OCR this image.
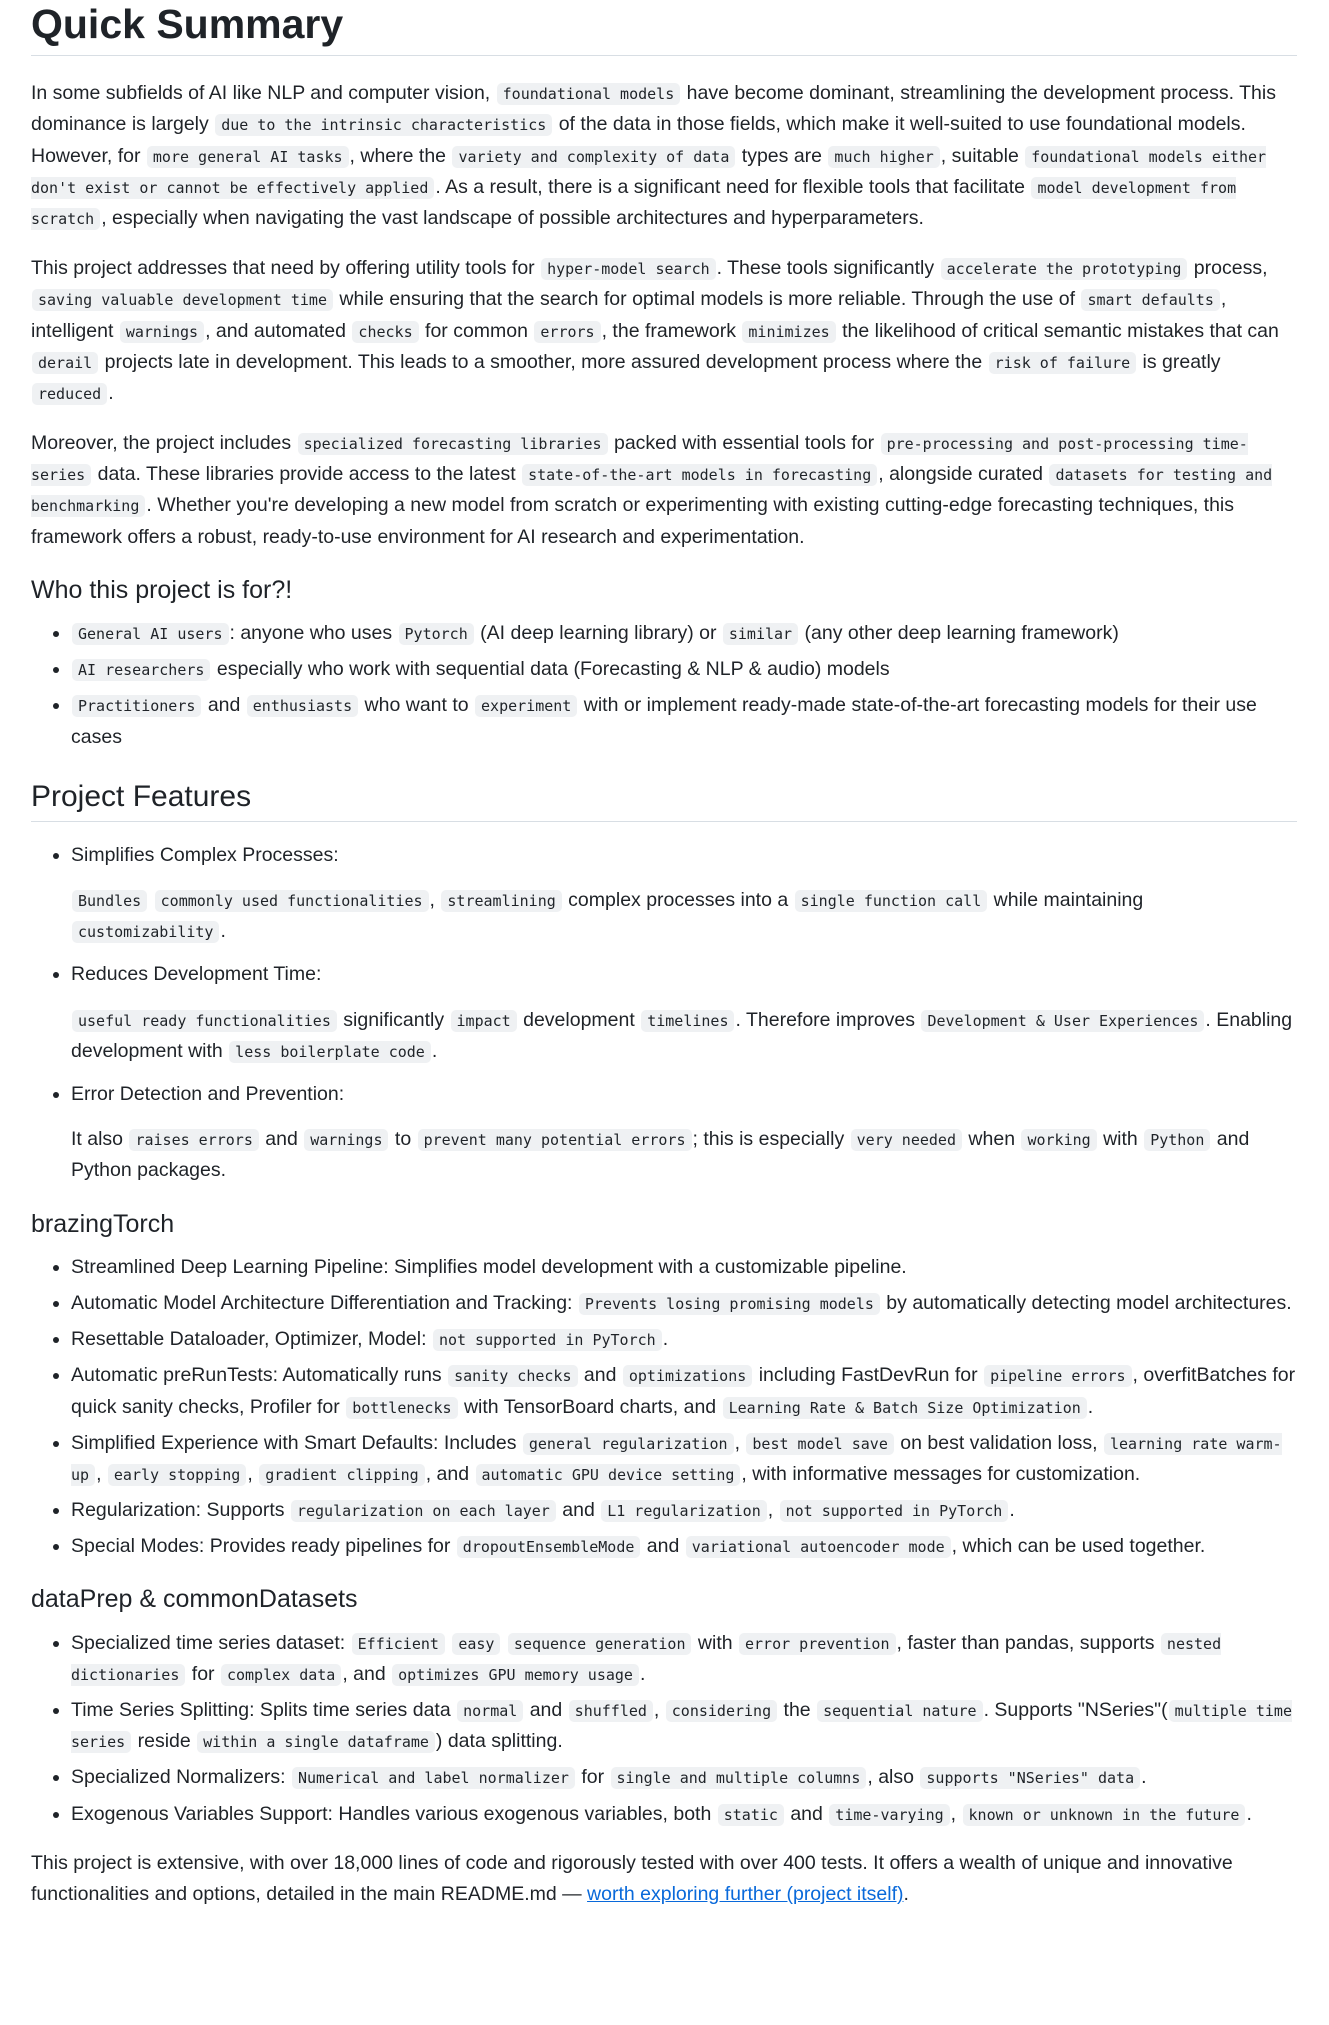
Quick Summary

In some subfields of AI like NLP and computer vision, foundational models have become dominant, streamlining the development process. This dominance is largely due to the intrinsic characteristics of the data in those fields, which make it well-suited to use foundational models. However, for more general AI tasks , where the variety and complexity of data types are much higher , suitable foundational models either don't exist or cannot be effectively applied . As a result, there is a significant need for flexible tools that facilitate model development from scratch , especially when navigating the vast landscape of possible architectures and hyperparameters.

This project addresses that need by offering utility tools for hyper-model search . These tools significantly accelerate the prototyping process, saving valuable development time while ensuring that the search for optimal models is more reliable. Through the use of smart defaults , intelligent warnings , and automated checks for common errors , the framework minimizes the likelihood of critical semantic mistakes that can derail projects late in development. This leads to a smoother, more assured development process where the risk of failure is greatly reduced .

Moreover, the project includes specialized forecasting libraries packed with essential tools for pre-processing and post-processing time-series data. These libraries provide access to the latest state-of-the-art models in forecasting , alongside curated datasets for testing and benchmarking . Whether you're developing a new model from scratch or experimenting with existing cutting-edge forecasting techniques, this framework offers a robust, ready-to-use environment for AI research and experimentation.

Who this project is for?!
• General AI users : anyone who uses Pytorch (AI deep learning library) or similar (any other deep learning framework)
• AI researchers especially who work with sequential data (Forecasting & NLP & audio) models
• Practitioners and enthusiasts who want to experiment with or implement ready-made state-of-the-art forecasting models for their use cases
Project Features
• Simplifies Complex Processes:
Bundles commonly used functionalities , streamlining complex processes into a single function call while maintaining customizability .
• Reduces Development Time:
useful ready functionalities significantly impact development timelines . Therefore improves Development & User Experiences . Enabling development with less boilerplate code .
• Error Detection and Prevention:
It also raises errors and warnings to prevent many potential errors ; this is especially very needed when working with Python and Python packages.
brazingTorch
• Streamlined Deep Learning Pipeline: Simplifies model development with a customizable pipeline.
• Automatic Model Architecture Differentiation and Tracking: Prevents losing promising models by automatically detecting model architectures.
• Resettable Dataloader, Optimizer, Model: not supported in PyTorch .
• Automatic preRunTests: Automatically runs sanity checks and optimizations including FastDevRun for pipeline errors , overfitBatches for quick sanity checks, Profiler for bottlenecks with TensorBoard charts, and Learning Rate & Batch Size Optimization .
• Simplified Experience with Smart Defaults: Includes general regularization , best model save on best validation loss, learning rate warm-up , early stopping , gradient clipping , and automatic GPU device setting , with informative messages for customization.
• Regularization: Supports regularization on each layer and L1 regularization , not supported in PyTorch .
• Special Modes: Provides ready pipelines for dropoutEnsembleMode and variational autoencoder mode , which can be used together.
dataPrep & commonDatasets
• Specialized time series dataset: Efficient easy sequence generation with error prevention , faster than pandas, supports nested dictionaries for complex data , and optimizes GPU memory usage .
• Time Series Splitting: Splits time series data normal and shuffled , considering the sequential nature . Supports "NSeries"( multiple time series reside within a single dataframe ) data splitting.
• Specialized Normalizers: Numerical and label normalizer for single and multiple columns , also supports "NSeries" data .
• Exogenous Variables Support: Handles various exogenous variables, both static and time-varying , known or unknown in the future .

This project is extensive, with over 18,000 lines of code and rigorously tested with over 400 tests. It offers a wealth of unique and innovative functionalities and options, detailed in the main README.md — worth exploring further (project itself).
